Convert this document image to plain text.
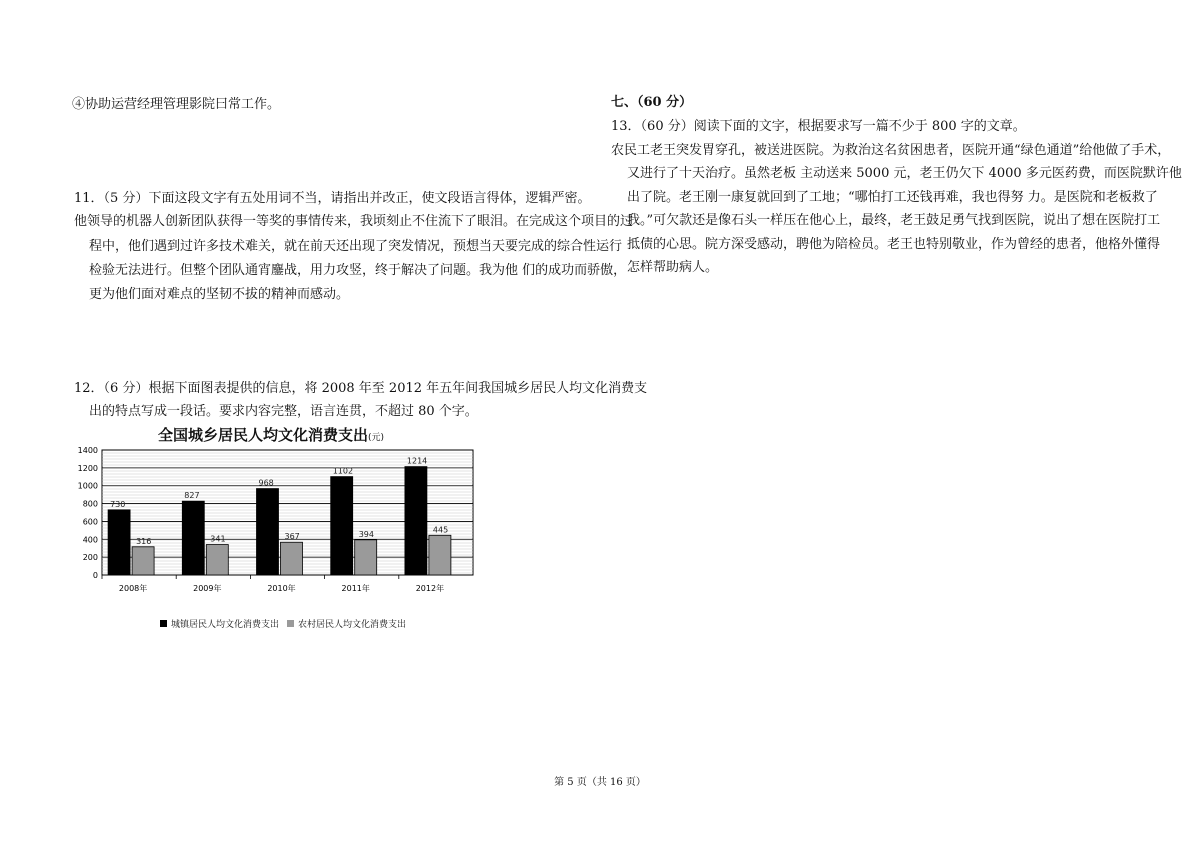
④协助运营经理管理影院曰常工作。
11．（5 分）下面这段文字有五处用词不当，请指出并改正，使文段语言得体，逻辑严密。
他领导的机器人创新团队获得一等奖的事情传来，我顷刻止不住流下了眼泪。在完成这个项目的过
程中，他们遇到过许多技术难关，就在前天还出现了突发情况，预想当天要完成的综合性运行
检验无法进行。但整个团队通宵鏖战，用力攻竖，终于解决了问题。我为他 们的成功而骄傲，
更为他们面对难点的坚韧不拔的精神而感动。
12．（6 分）根据下面图表提供的信息，将 2008 年至 2012 年五年间我国城乡居民人均文化消费支
出的特点写成一段话。要求内容完整，语言连贯，不超过 80 个字。
全国城乡居民人均文化消费支出(元)
0
200
400
600
800
1000
1200
1400
730
316
2008年
827
341
2009年
968
367
2010年
1102
394
2011年
1214
445
2012年
城镇居民人均文化消费支出 农村居民人均文化消费支出
七、（60 分）
13．（60 分）阅读下面的文字，根据要求写一篇不少于 800 字的文章。
农民工老王突发胃穿孔，被送进医院。为救治这名贫困患者，医院开通“绿色通道”给他做了手术，
又进行了十天治疗。虽然老板 主动送来 5000 元，老王仍欠下 4000 多元医药费，而医院默许他
出了院。老王刚一康复就回到了工地；“哪怕打工还钱再难，我也得努 力。是医院和老板救了
我。”可欠款还是像石头一样压在他心上，最终，老王鼓足勇气找到医院，说出了想在医院打工
抵债的心思。院方深受感动，聘他为陪检员。老王也特别敬业，作为曾经的患者，他格外懂得
怎样帮助病人。
第 5 页（共 16 页）
